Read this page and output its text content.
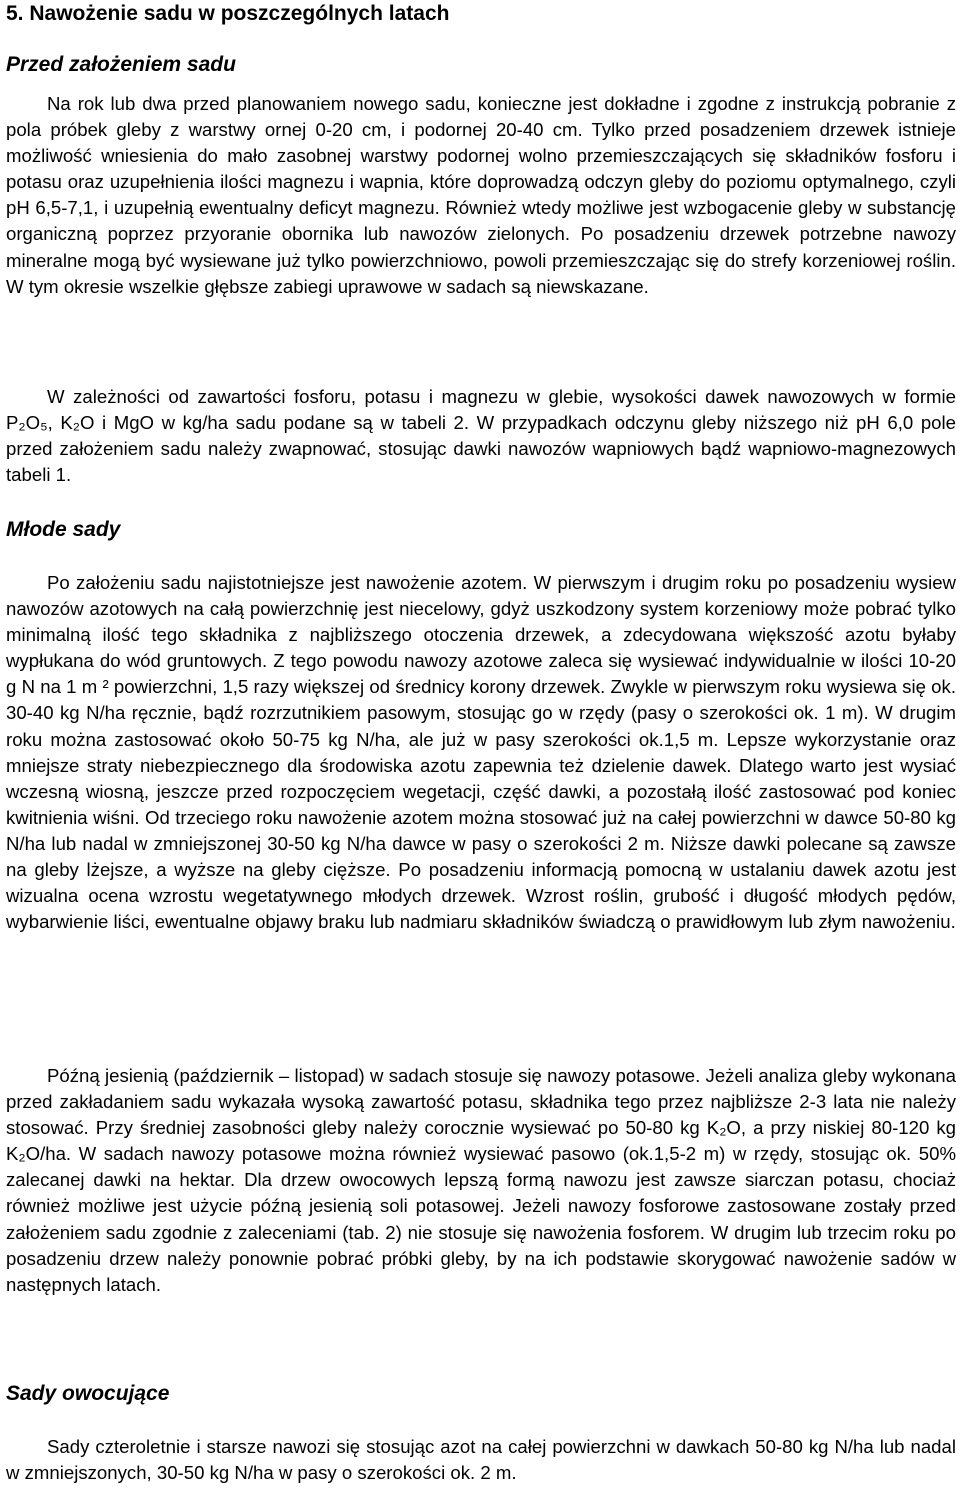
5. Nawożenie sadu w poszczególnych latach
Przed założeniem sadu

Na rok lub dwa przed planowaniem nowego sadu, konieczne jest dokładne i zgodne z instrukcją pobranie z pola próbek gleby z warstwy ornej 0-20 cm, i podornej 20-40 cm. Tylko przed posadzeniem drzewek istnieje możliwość wniesienia do mało zasobnej warstwy podornej wolno przemieszczających się składników fosforu i potasu oraz uzupełnienia ilości magnezu i wapnia, które doprowadzą odczyn gleby do poziomu optymalnego, czyli pH 6,5-7,1, i uzupełnią ewentualny deficyt magnezu. Również wtedy możliwe jest wzbogacenie gleby w substancję organiczną poprzez przyoranie obornika lub nawozów zielonych. Po posadzeniu drzewek potrzebne nawozy mineralne mogą być wysiewane już tylko powierzchniowo, powoli przemieszczając się do strefy korzeniowej roślin. W tym okresie wszelkie głębsze zabiegi uprawowe w sadach są niewskazane.

W zależności od zawartości fosforu, potasu i magnezu w glebie, wysokości dawek nawozowych w formie P₂O₅, K₂O i MgO w kg/ha sadu podane są w tabeli 2. W przypadkach odczynu gleby niższego niż pH 6,0 pole przed założeniem sadu należy zwapnować, stosując dawki nawozów wapniowych bądź wapniowo-magnezowych tabeli 1.

Młode sady

Po założeniu sadu najistotniejsze jest nawożenie azotem. W pierwszym i drugim roku po posadzeniu wysiew nawozów azotowych na całą powierzchnię jest niecelowy, gdyż uszkodzony system korzeniowy może pobrać tylko minimalną ilość tego składnika z najbliższego otoczenia drzewek, a zdecydowana większość azotu byłaby wypłukana do wód gruntowych. Z tego powodu nawozy azotowe zaleca się wysiewać indywidualnie w ilości 10-20 g N na 1 m ² powierzchni, 1,5 razy większej od średnicy korony drzewek. Zwykle w pierwszym roku wysiewa się ok. 30-40 kg N/ha ręcznie, bądź rozrzutnikiem pasowym, stosując go w rzędy (pasy o szerokości ok. 1 m). W drugim roku można zastosować około 50-75 kg N/ha, ale już w pasy szerokości ok.1,5 m. Lepsze wykorzystanie oraz mniejsze straty niebezpiecznego dla środowiska azotu zapewnia też dzielenie dawek. Dlatego warto jest wysiać wczesną wiosną, jeszcze przed rozpoczęciem wegetacji, część dawki, a pozostałą ilość zastosować pod koniec kwitnienia wiśni. Od trzeciego roku nawożenie azotem można stosować już na całej powierzchni w dawce 50-80 kg N/ha lub nadal w zmniejszonej 30-50 kg N/ha dawce w pasy o szerokości 2 m. Niższe dawki polecane są zawsze na gleby lżejsze, a wyższe na gleby cięższe. Po posadzeniu informacją pomocną w ustalaniu dawek azotu jest wizualna ocena wzrostu wegetatywnego młodych drzewek. Wzrost roślin, grubość i długość młodych pędów, wybarwienie liści, ewentualne objawy braku lub nadmiaru składników świadczą o prawidłowym lub złym nawożeniu.

Późną jesienią (październik – listopad) w sadach stosuje się nawozy potasowe. Jeżeli analiza gleby wykonana przed zakładaniem sadu wykazała wysoką zawartość potasu, składnika tego przez najbliższe 2-3 lata nie należy stosować. Przy średniej zasobności gleby należy corocznie wysiewać po 50-80 kg K₂O, a przy niskiej 80-120 kg K₂O/ha. W sadach nawozy potasowe można również wysiewać pasowo (ok.1,5-2 m) w rzędy, stosując ok. 50% zalecanej dawki na hektar. Dla drzew owocowych lepszą formą nawozu jest zawsze siarczan potasu, chociaż również możliwe jest użycie późną jesienią soli potasowej. Jeżeli nawozy fosforowe zastosowane zostały przed założeniem sadu zgodnie z zaleceniami (tab. 2) nie stosuje się nawożenia fosforem. W drugim lub trzecim roku po posadzeniu drzew należy ponownie pobrać próbki gleby, by na ich podstawie skorygować nawożenie sadów w następnych latach.

Sady owocujące

Sady czteroletnie i starsze nawozi się stosując azot na całej powierzchni w dawkach 50-80 kg N/ha lub nadal w zmniejszonych, 30-50 kg N/ha w pasy o szerokości ok. 2 m.
